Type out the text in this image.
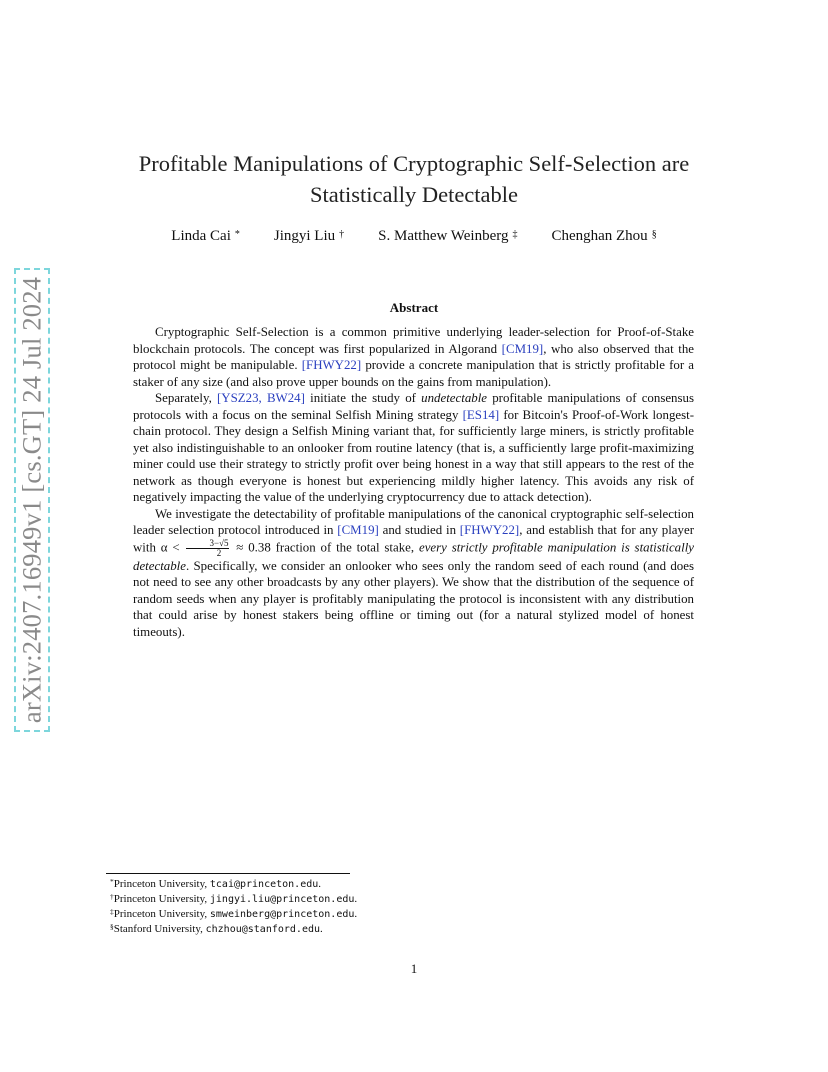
arXiv:2407.16949v1 [cs.GT] 24 Jul 2024
Profitable Manipulations of Cryptographic Self-Selection are Statistically Detectable
Linda Cai * Jingyi Liu † S. Matthew Weinberg ‡ Chenghan Zhou §
Abstract

Cryptographic Self-Selection is a common primitive underlying leader-selection for Proof-of-Stake blockchain protocols. The concept was first popularized in Algorand [CM19], who also observed that the protocol might be manipulable. [FHWY22] provide a concrete manipulation that is strictly profitable for a staker of any size (and also prove upper bounds on the gains from manipulation).

Separately, [YSZ23, BW24] initiate the study of undetectable profitable manipulations of consensus protocols with a focus on the seminal Selfish Mining strategy [ES14] for Bitcoin's Proof-of-Work longest-chain protocol. They design a Selfish Mining variant that, for sufficiently large miners, is strictly profitable yet also indistinguishable to an onlooker from routine latency (that is, a sufficiently large profit-maximizing miner could use their strategy to strictly profit over being honest in a way that still appears to the rest of the network as though everyone is honest but experiencing mildly higher latency. This avoids any risk of negatively impacting the value of the underlying cryptocurrency due to attack detection).

We investigate the detectability of profitable manipulations of the canonical cryptographic self-selection leader selection protocol introduced in [CM19] and studied in [FHWY22], and establish that for any player with $\alpha < \frac{3-√5}{2} \approx 0.38$ fraction of the total stake, every strictly profitable manipulation is statistically detectable. Specifically, we consider an onlooker who sees only the random seed of each round (and does not need to see any other broadcasts by any other players). We show that the distribution of the sequence of random seeds when any player is profitably manipulating the protocol is inconsistent with any distribution that could arise by honest stakers being offline or timing out (for a natural stylized model of honest timeouts).

*Princeton University, tcai@princeton.edu.
†Princeton University, jingyi.liu@princeton.edu.
‡Princeton University, smweinberg@princeton.edu.
§Stanford University, chzhou@stanford.edu.
1
